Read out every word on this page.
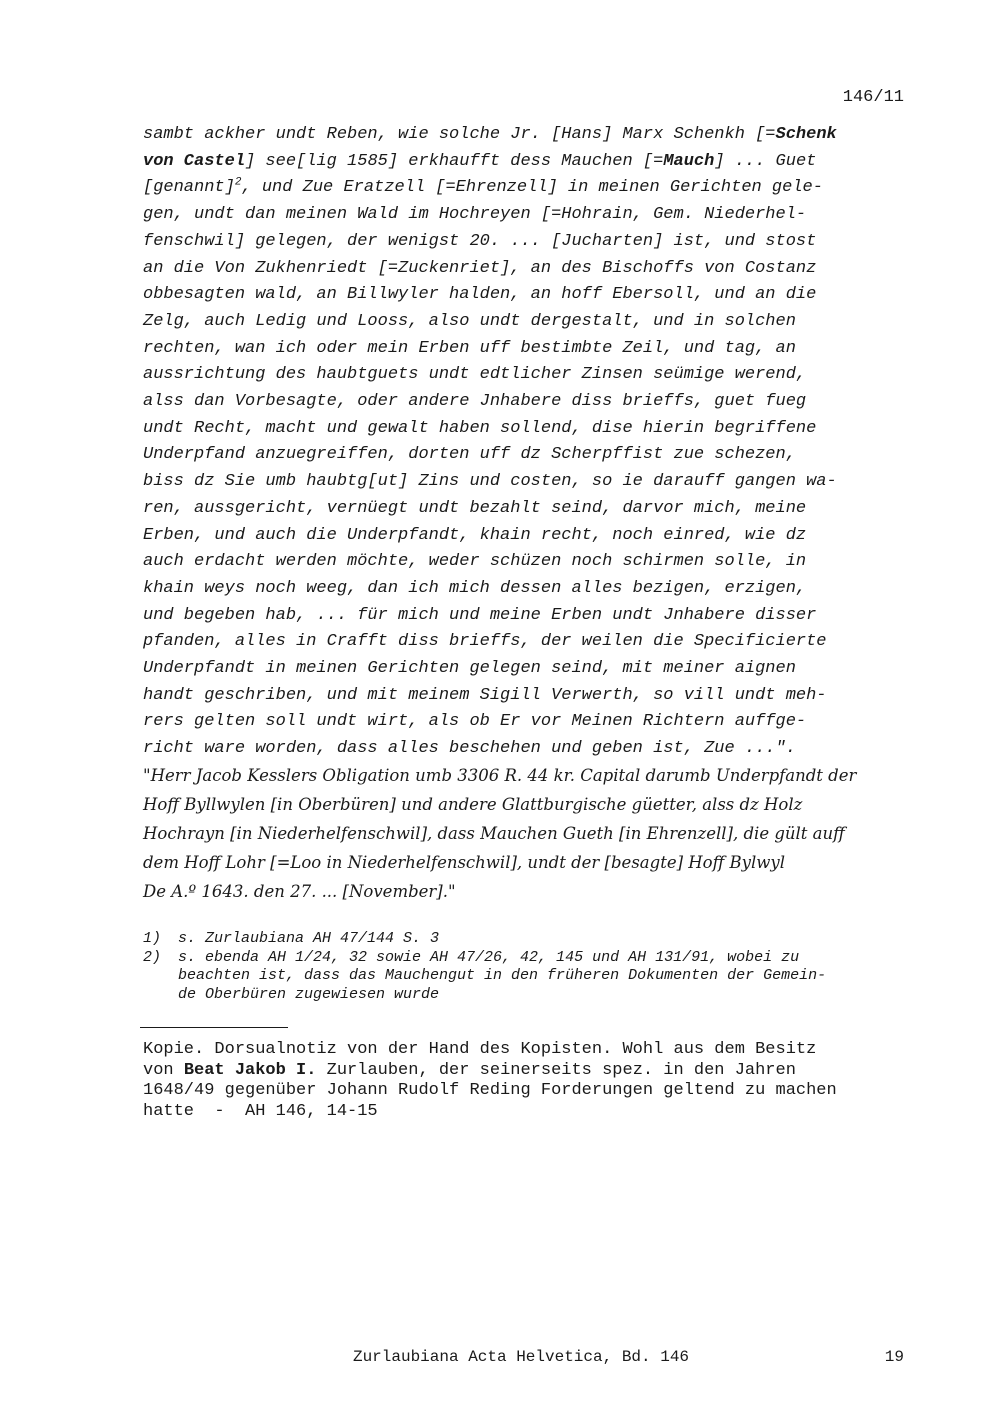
146/11
sambt ackher undt Reben, wie solche Jr. [Hans] Marx Schenkh [=Schenk
von Castel] see[lig 1585] erkhaufft dess Mauchen [=Mauch] ... Guet
[genannt]$^2$, und Zue Eratzell [=Ehrenzell] in meinen Gerichten gele-
gen, undt dan meinen Wald im Hochreyen [=Hohrain, Gem. Niederhel-
fenschwil] gelegen, der wenigst 20. ... [Jucharten] ist, und stost
an die Von Zukhenriedt [=Zuckenriet], an des Bischoffs von Costanz
obbesagten wald, an Billwyler halden, an hoff Ebersoll, und an die
Zelg, auch Ledig und Looss, also undt dergestalt, und in solchen
rechten, wan ich oder mein Erben uff bestimbte Zeil, und tag, an
aussrichtung des haubtguets undt edtlicher Zinsen seümige werend,
alss dan Vorbesagte, oder andere Jnhabere diss brieffs, guet fueg
undt Recht, macht und gewalt haben sollend, dise hierin begriffene
Underpfand anzuegreiffen, dorten uff dz Scherpffist zue schezen,
biss dz Sie umb haubtg[ut] Zins und costen, so ie darauff gangen wa-
ren, aussgericht, vernüegt undt bezahlt seind, darvor mich, meine
Erben, und auch die Underpfandt, khain recht, noch einred, wie dz
auch erdacht werden möchte, weder schüzen noch schirmen solle, in
khain weys noch weeg, dan ich mich dessen alles bezigen, erzigen,
und begeben hab, ... für mich und meine Erben undt Jnhabere disser
pfanden, alles in Crafft diss brieffs, der weilen die Specificierte
Underpfandt in meinen Gerichten gelegen seind, mit meiner aignen
handt geschriben, und mit meinem Sigill Verwerth, so vill undt meh-
rers gelten soll undt wirt, als ob Er vor Meinen Richtern auffge-
richt ware worden, dass alles beschehen und geben ist, Zue ...".
"Herr Jacob Kesslers Obligation umb 3306 R. 44 kr. Capital darumb Underpfandt der
Hoff Byllwylen [in Oberbüren] und andere Glattburgische güetter, alss dz Holz
Hochrayn [in Niederhelfenschwil], dass Mauchen Gueth [in Ehrenzell], die gült auff
dem Hoff Lohr [=Loo in Niederhelfenschwil], undt der [besagte] Hoff Bylwyl
De A.º 1643. den 27. ... [November]."
1)	s. Zurlaubiana AH 47/144 S. 3
2)	s. ebenda AH 1/24, 32 sowie AH 47/26, 42, 145 und AH 131/91, wobei zu
beachten ist, dass das Mauchengut in den früheren Dokumenten der Gemein-
de Oberbüren zugewiesen wurde
Kopie. Dorsualnotiz von der Hand des Kopisten. Wohl aus dem Besitz
von Beat Jakob I. Zurlauben, der seinerseits spez. in den Jahren
1648/49 gegenüber Johann Rudolf Reding Forderungen geltend zu machen
hatte  -  AH 146, 14-15
Zurlaubiana Acta Helvetica, Bd. 146	19
